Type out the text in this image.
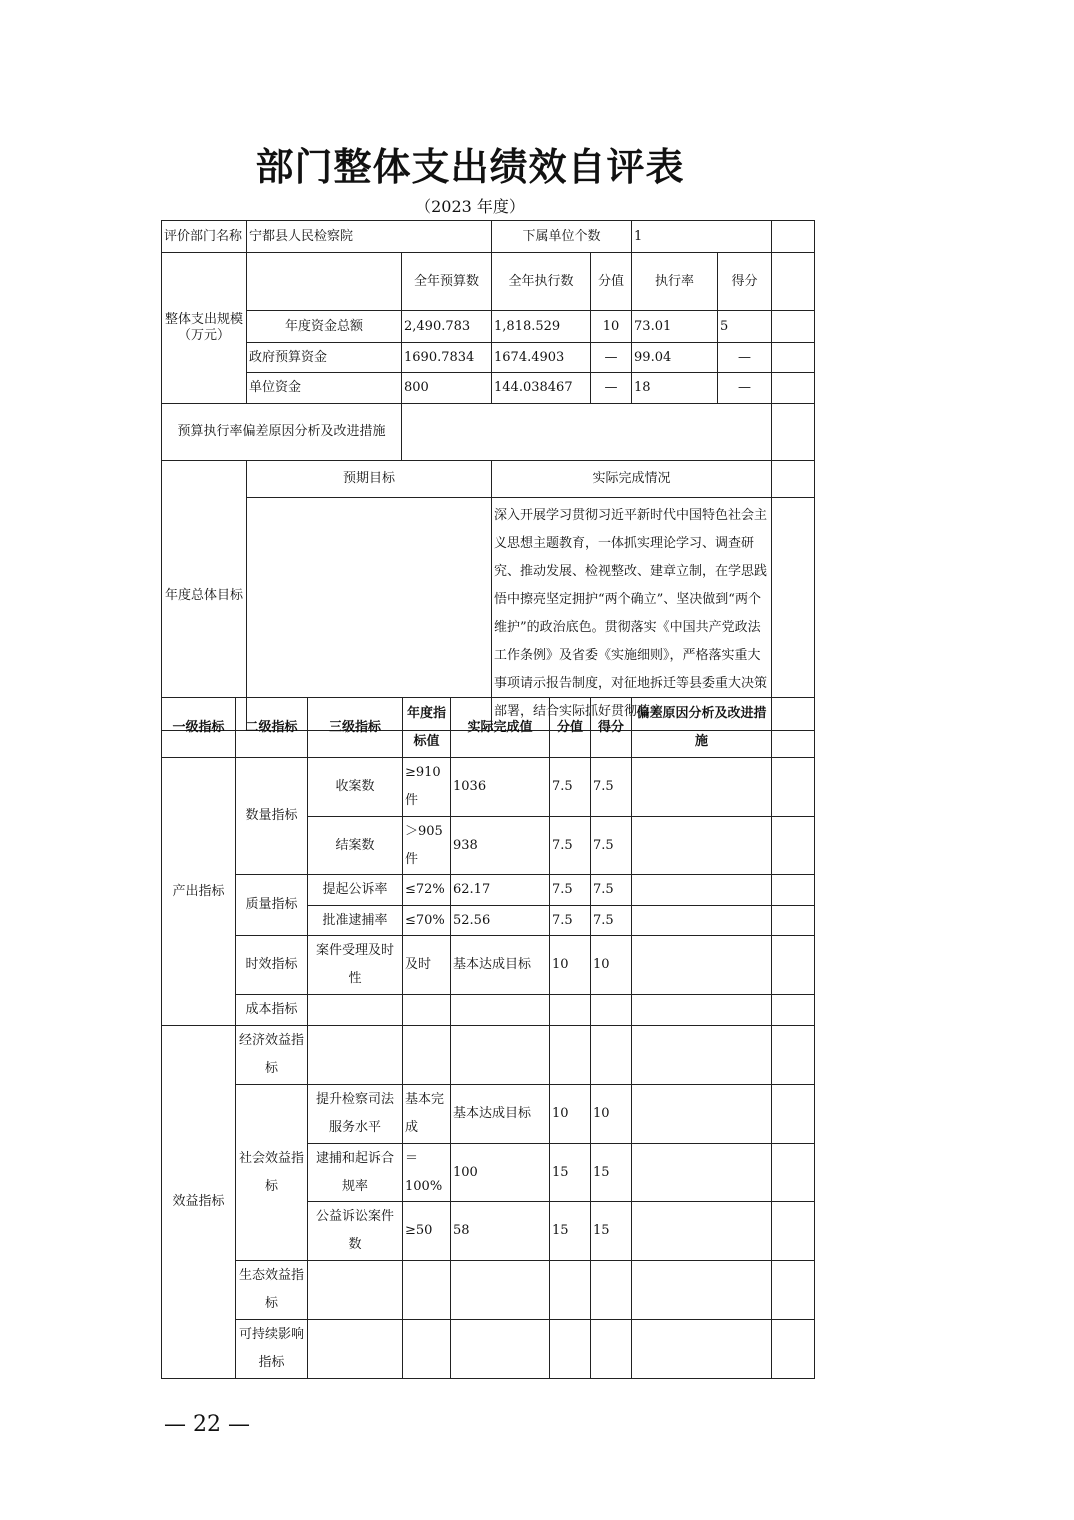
部门整体支出绩效自评表
（2023 年度）
评价部门名称	宁都县人民检察院		下属单位个数		1		
整体支出规模（万元）		全年预算数	全年执行数	分值	执行率	得分	
	年度资金总额	2,490.783	1,818.529	10	73.01	5	
	政府预算资金	1690.7834	1674.4903	—	99.04	—	
	单位资金	800	144.038467	—	18	—	
预算执行率偏差原因分析及改进措施							
年度总体目标	预期目标		实际完成情况				
			深入开展学习贯彻习近平新时代中国特色社会主义思想主题教育，一体抓实理论学习、调查研究、推动发展、检视整改、建章立制，在学思践悟中擦亮坚定拥护“两个确立”、坚决做到“两个维护”的政治底色。贯彻落实《中国共产党政法工作条例》及省委《实施细则》，严格落实重大事项请示报告制度，对征地拆迁等县委重大决策部署，结合实际抓好贯彻落实				
一级指标	二级指标	三级指标	年度指标值	实际完成值	分值	得分	偏差原因分析及改进措施	
产出指标	数量指标	收案数	≥910件	1036	7.5	7.5		
		结案数	＞905件	938	7.5	7.5		
	质量指标	提起公诉率	≤72%	62.17	7.5	7.5		
		批准逮捕率	≤70%	52.56	7.5	7.5		
	时效指标	案件受理及时性	及时	基本达成目标	10	10		
	成本指标							
效益指标	经济效益指标							
	社会效益指标	提升检察司法服务水平	基本完成	基本达成目标	10	10		
		逮捕和起诉合规率	＝100%	100	15	15		
		公益诉讼案件数	≥50	58	15	15		
	生态效益指标							
	可持续影响指标							
— 22 —
